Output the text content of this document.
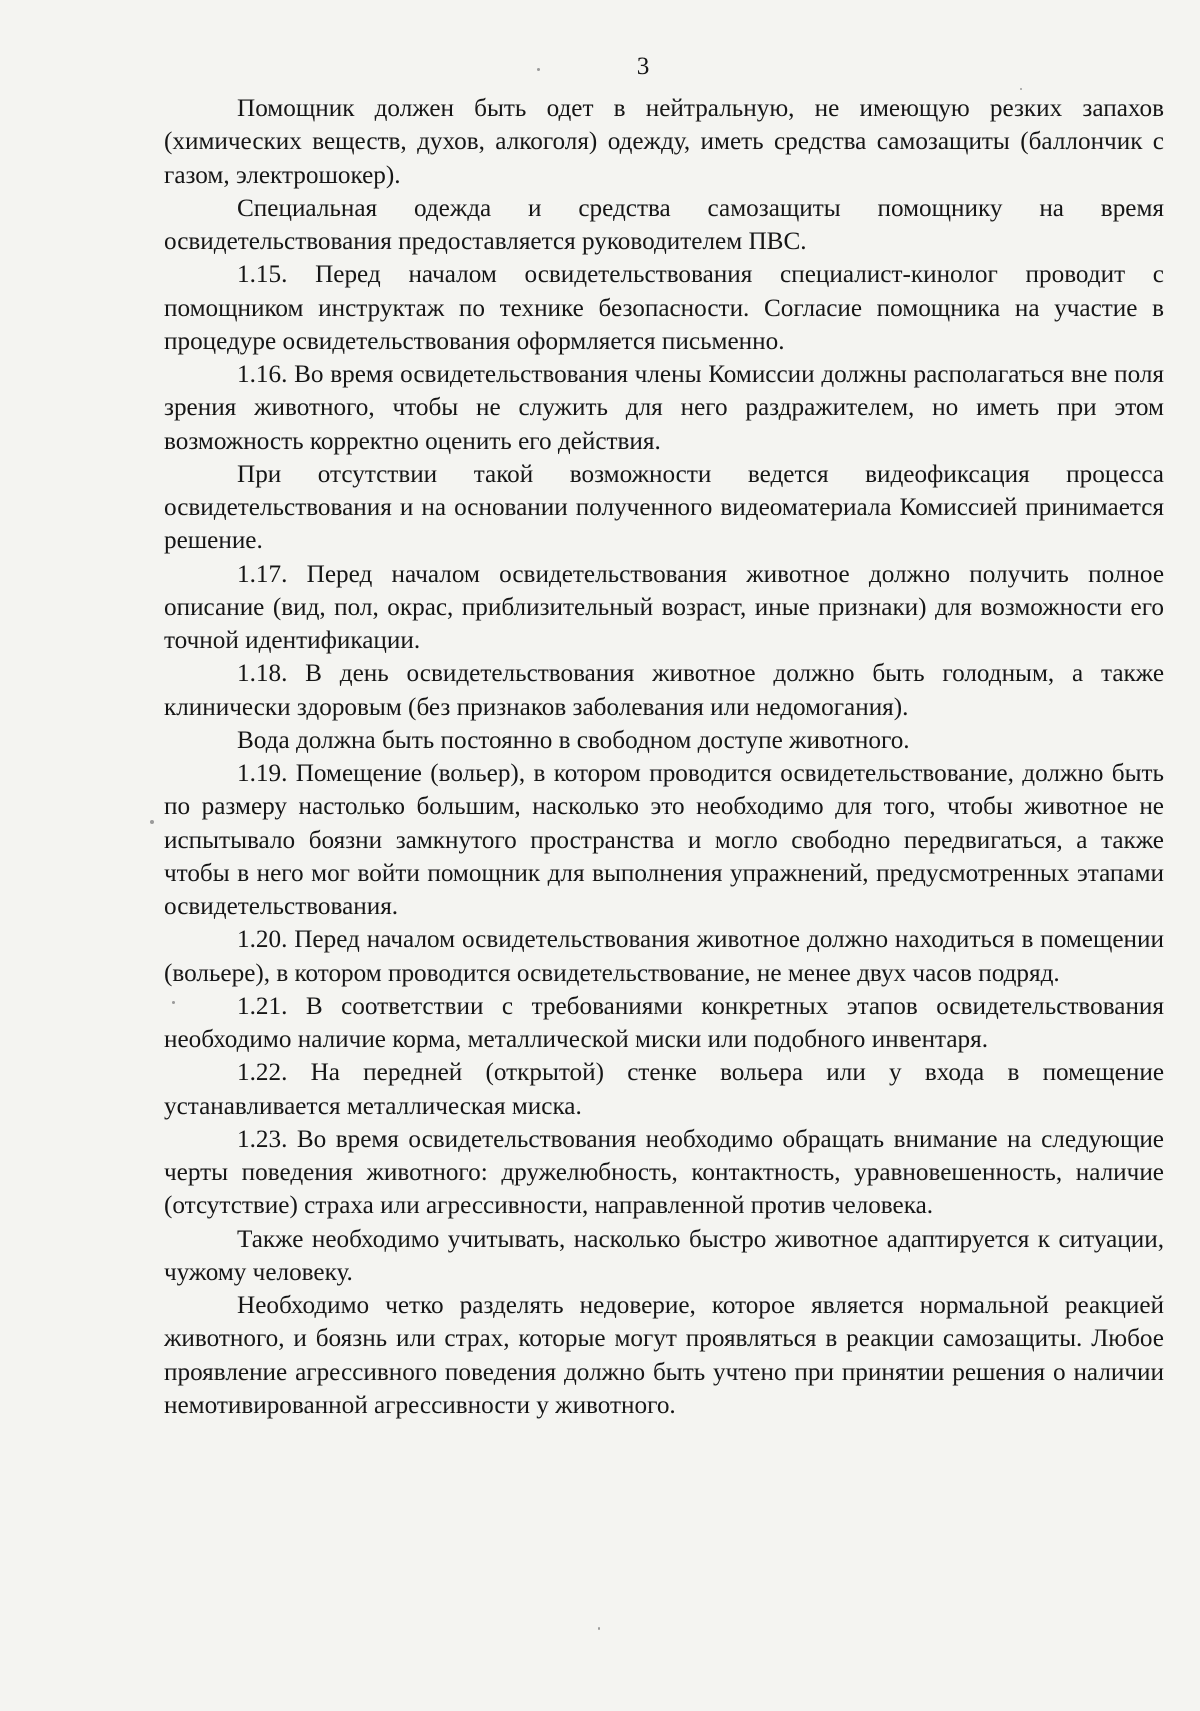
3

Помощник должен быть одет в нейтральную, не имеющую резких запахов (химических веществ, духов, алкоголя) одежду, иметь средства самозащиты (баллончик с газом, электрошокер).

Специальная одежда и средства самозащиты помощнику на время освидетельствования предоставляется руководителем ПВС.

1.15. Перед началом освидетельствования специалист-кинолог проводит с помощником инструктаж по технике безопасности. Согласие помощника на участие в процедуре освидетельствования оформляется письменно.

1.16. Во время освидетельствования члены Комиссии должны располагаться вне поля зрения животного, чтобы не служить для него раздражителем, но иметь при этом возможность корректно оценить его действия.

При отсутствии такой возможности ведется видеофиксация процесса освидетельствования и на основании полученного видеоматериала Комиссией принимается решение.

1.17. Перед началом освидетельствования животное должно получить полное описание (вид, пол, окрас, приблизительный возраст, иные признаки) для возможности его точной идентификации.

1.18. В день освидетельствования животное должно быть голодным, а также клинически здоровым (без признаков заболевания или недомогания).

Вода должна быть постоянно в свободном доступе животного.

1.19. Помещение (вольер), в котором проводится освидетельствование, должно быть по размеру настолько большим, насколько это необходимо для того, чтобы животное не испытывало боязни замкнутого пространства и могло свободно передвигаться, а также чтобы в него мог войти помощник для выполнения упражнений, предусмотренных этапами освидетельствования.

1.20. Перед началом освидетельствования животное должно находиться в помещении (вольере), в котором проводится освидетельствование, не менее двух часов подряд.

1.21. В соответствии с требованиями конкретных этапов освидетельствования необходимо наличие корма, металлической миски или подобного инвентаря.

1.22. На передней (открытой) стенке вольера или у входа в помещение устанавливается металлическая миска.

1.23. Во время освидетельствования необходимо обращать внимание на следующие черты поведения животного: дружелюбность, контактность, уравновешенность, наличие (отсутствие) страха или агрессивности, направленной против человека.

Также необходимо учитывать, насколько быстро животное адаптируется к ситуации, чужому человеку.

Необходимо четко разделять недоверие, которое является нормальной реакцией животного, и боязнь или страх, которые могут проявляться в реакции самозащиты. Любое проявление агрессивного поведения должно быть учтено при принятии решения о наличии немотивированной агрессивности у животного.
